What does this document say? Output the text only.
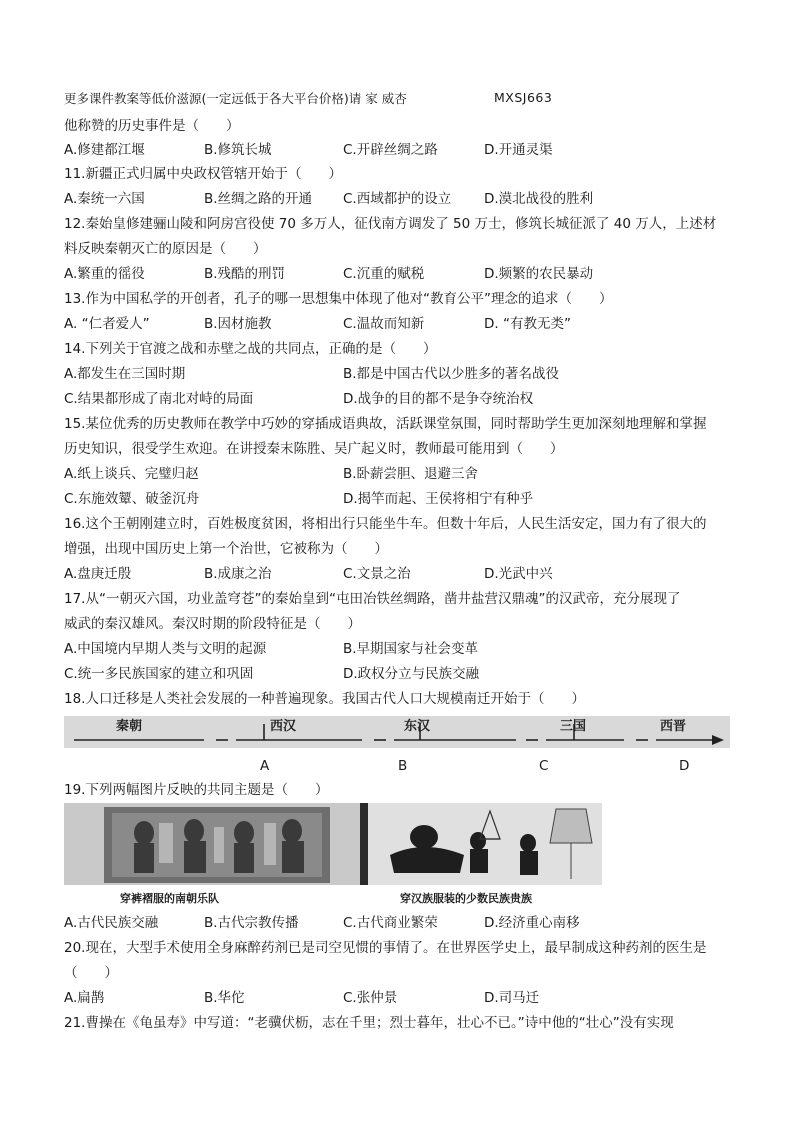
更多课件教案等低价滋源(一定远低于各大平台价格)请 家 威杏	MXSJ663
他称赞的历史事件是（　　）
A.修建都江堰	B.修筑长城	C.开辟丝绸之路	D.开通灵渠
11.新疆正式归属中央政权管辖开始于（　　）
A.秦统一六国	B.丝绸之路的开通 C.西域都护的设立 D.漠北战役的胜利
12.秦始皇修建骊山陵和阿房宫役使 70 多万人，征伐南方调发了 50 万士，修筑长城征派了 40 万人，上述材
料反映秦朝灭亡的原因是（　　）
A.繁重的徭役	B.残酷的刑罚	C.沉重的赋税	D.频繁的农民暴动
13.作为中国私学的开创者，孔子的哪一思想集中体现了他对“教育公平”理念的追求（　　）
A. “仁者爱人”	B.因材施教	C.温故而知新	D. “有教无类”
14.下列关于官渡之战和赤壁之战的共同点，正确的是（　　）
A.都发生在三国时期	B.都是中国古代以少胜多的著名战役
C.结果都形成了南北对峙的局面	D.战争的目的都不是争夺统治权
15.某位优秀的历史教师在教学中巧妙的穿插成语典故，活跃课堂氛围，同时帮助学生更加深刻地理解和掌握
历史知识，很受学生欢迎。在讲授秦末陈胜、吴广起义时，教师最可能用到（　　）
A.纸上谈兵、完璧归赵	B.卧薪尝胆、退避三舍
C.东施效颦、破釜沉舟	D.揭竿而起、王侯将相宁有种乎
16.这个王朝刚建立时，百姓极度贫困，将相出行只能坐牛车。但数十年后，人民生活安定，国力有了很大的
增强，出现中国历史上第一个治世，它被称为（　　）
A.盘庚迁殷	B.成康之治	C.文景之治	D.光武中兴
17.从“一朝灭六国，功业盖穹苍”的秦始皇到“屯田冶铁丝绸路，凿井盐营汉鼎魂”的汉武帝，充分展现了
威武的秦汉雄风。秦汉时期的阶段特征是（　　）
A.中国境内早期人类与文明的起源	B.早期国家与社会变革
C.统一多民族国家的建立和巩固	D.政权分立与民族交融
18.人口迁移是人类社会发展的一种普遍现象。我国古代人口大规模南迁开始于（　　）
秦朝	西汉	东汉	三国	西晋
A	B	C	D
19.下列两幅图片反映的共同主题是（　　）
穿裤褶服的南朝乐队	穿汉族服装的少数民族贵族
A.古代民族交融	B.古代宗教传播	C.古代商业繁荣	D.经济重心南移
20.现在，大型手术使用全身麻醉药剂已是司空见惯的事情了。在世界医学史上，最早制成这种药剂的医生是
（　　）
A.扁鹊	B.华佗	C.张仲景	D.司马迁
21.曹操在《龟虽寿》中写道：“老骥伏枥，志在千里；烈士暮年，壮心不已。”诗中他的“壮心”没有实现
